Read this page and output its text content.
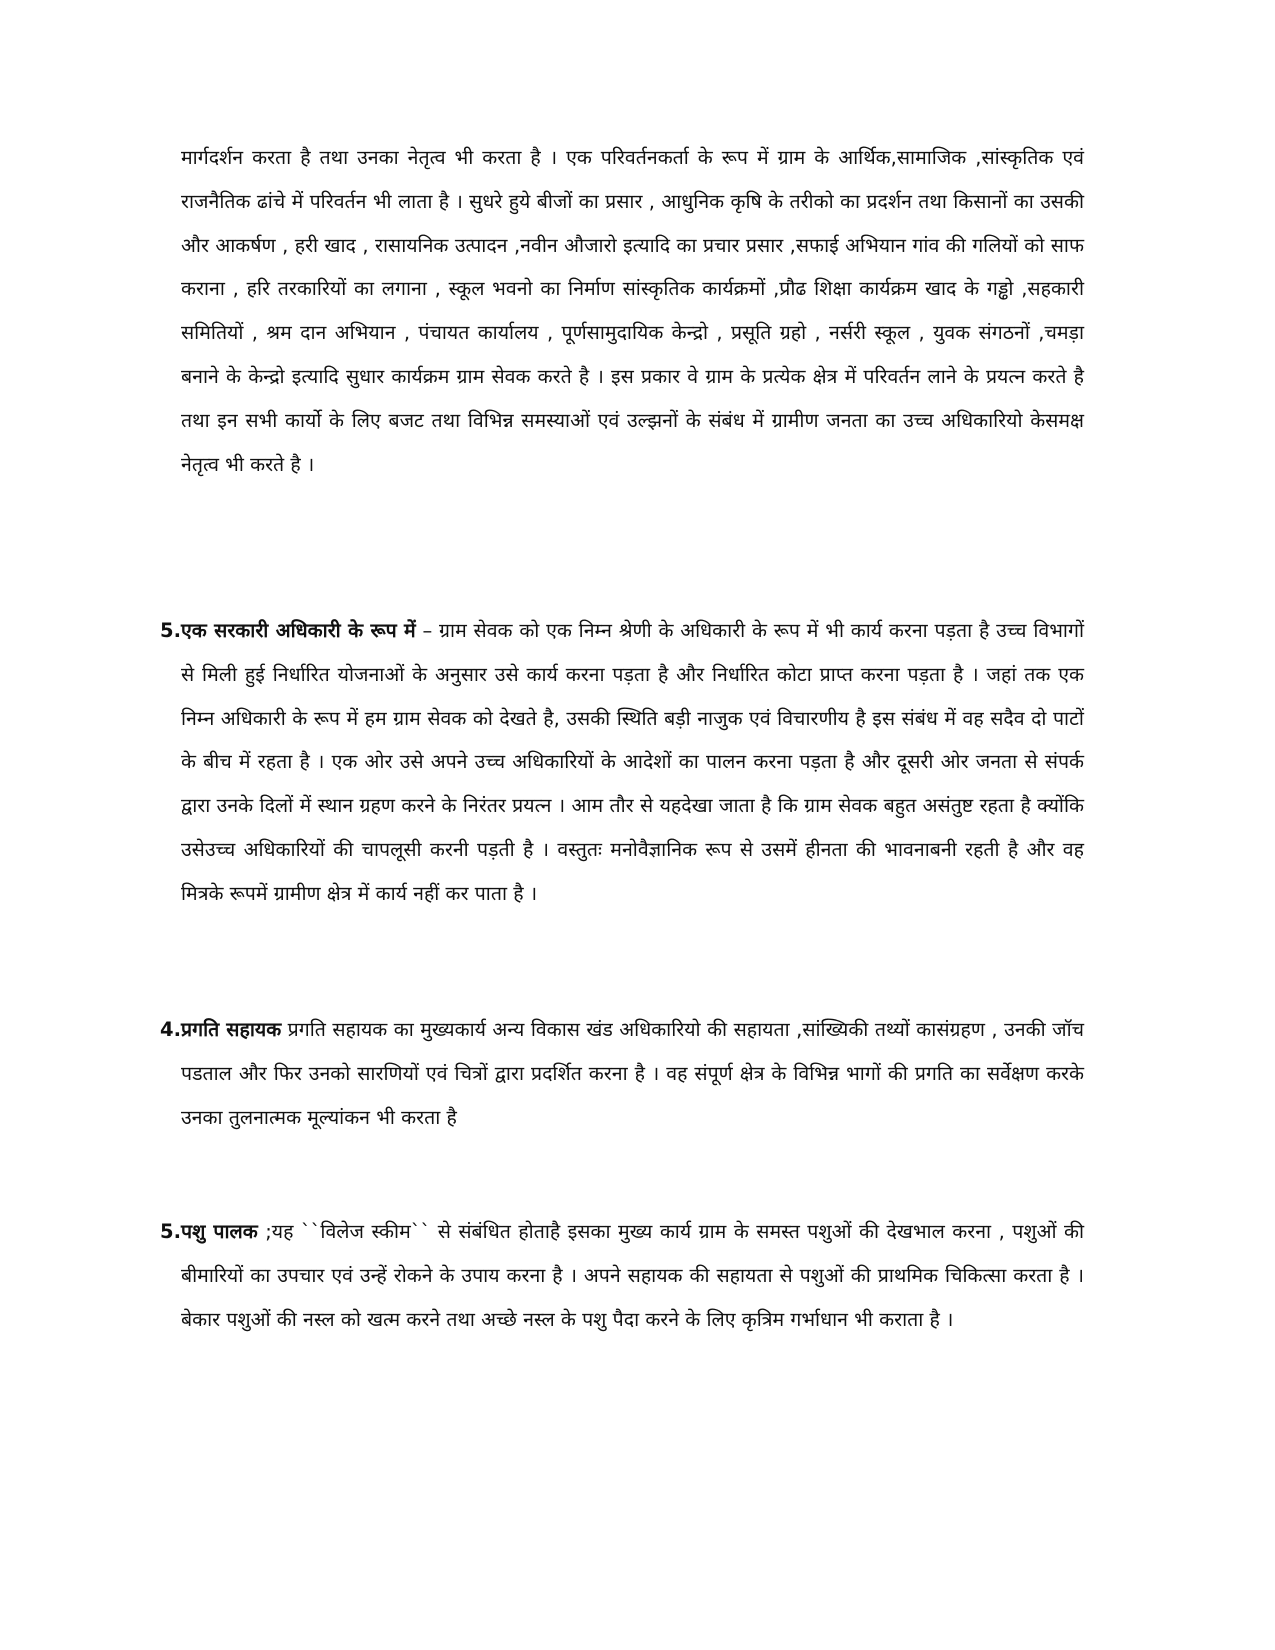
मार्गदर्शन करता है तथा उनका नेतृत्व भी करता है । एक परिवर्तनकर्ता के रूप में ग्राम के आर्थिक,सामाजिक ,सांस्कृतिक एवं राजनैतिक ढांचे में परिवर्तन भी लाता है । सुधरे हुये बीजों का प्रसार , आधुनिक कृषि के तरीको का प्रदर्शन तथा किसानों का उसकी और आकर्षण , हरी खाद , रासायनिक उत्पादन ,नवीन औजारो इत्यादि का प्रचार प्रसार ,सफाई अभियान गांव की गलियों को साफ कराना , हरि तरकारियों का लगाना , स्कूल भवनो का निर्माण सांस्कृतिक कार्यक्रमों ,प्रौढ शिक्षा कार्यक्रम खाद के गड्ढो ,सहकारी समितियों , श्रम दान अभियान , पंचायत कार्यालय , पूर्णसामुदायिक केन्द्रो , प्रसूति ग्रहो , नर्सरी स्कूल , युवक संगठनों ,चमड़ा बनाने के केन्द्रो इत्यादि सुधार कार्यक्रम ग्राम सेवक करते है । इस प्रकार वे ग्राम के प्रत्येक क्षेत्र में परिवर्तन लाने के प्रयत्न करते है तथा इन सभी कार्यो के लिए बजट तथा विभिन्न समस्याओं एवं उल्झनों के संबंध में ग्रामीण जनता का उच्च अधिकारियो केसमक्ष नेतृत्व भी करते है ।

5.एक सरकारी अधिकारी के रूप में – ग्राम सेवक को एक निम्न श्रेणी के अधिकारी के रूप में भी कार्य करना पड़ता है उच्च विभागों से मिली हुई निर्धारित योजनाओं के अनुसार उसे कार्य करना पड़ता है और निर्धारित कोटा प्राप्त करना पड़ता है । जहां तक एक निम्न अधिकारी के रूप में हम ग्राम सेवक को देखते है, उसकी स्थिति बड़ी नाजुक एवं विचारणीय है इस संबंध में वह सदैव दो पाटों के बीच में रहता है । एक ओर उसे अपने उच्च अधिकारियों के आदेशों का पालन करना पड़ता है और दूसरी ओर जनता से संपर्क द्वारा उनके दिलों में स्थान ग्रहण करने के निरंतर प्रयत्न । आम तौर से यहदेखा जाता है कि ग्राम सेवक बहुत असंतुष्ट रहता है क्योंकि उसेउच्च अधिकारियों की चापलूसी करनी पड़ती है । वस्तुतः मनोवैज्ञानिक रूप से उसमें हीनता की भावनाबनी रहती है और वह मित्रके रूपमें ग्रामीण क्षेत्र में कार्य नहीं कर पाता है ।

4.प्रगति सहायक प्रगति सहायक का मुख्यकार्य अन्य विकास खंड अधिकारियो की सहायता ,सांख्यिकी तथ्यों कासंग्रहण , उनकी जॉच पडताल और फिर उनको सारणियों एवं चित्रों द्वारा प्रदर्शित करना है । वह संपूर्ण क्षेत्र के विभिन्न भागों की प्रगति का सर्वेक्षण करके उनका तुलनात्मक मूल्यांकन भी करता है

5.पशु पालक ;यह ``विलेज स्कीम`` से संबंधित होताहै इसका मुख्य कार्य ग्राम के समस्त पशुओं की देखभाल करना , पशुओं की बीमारियों का उपचार एवं उन्हें रोकने के उपाय करना है । अपने सहायक की सहायता से पशुओं की प्राथमिक चिकित्सा करता है । बेकार पशुओं की नस्ल को खत्म करने तथा अच्छे नस्ल के पशु पैदा करने के लिए कृत्रिम गर्भाधान भी कराता है ।
